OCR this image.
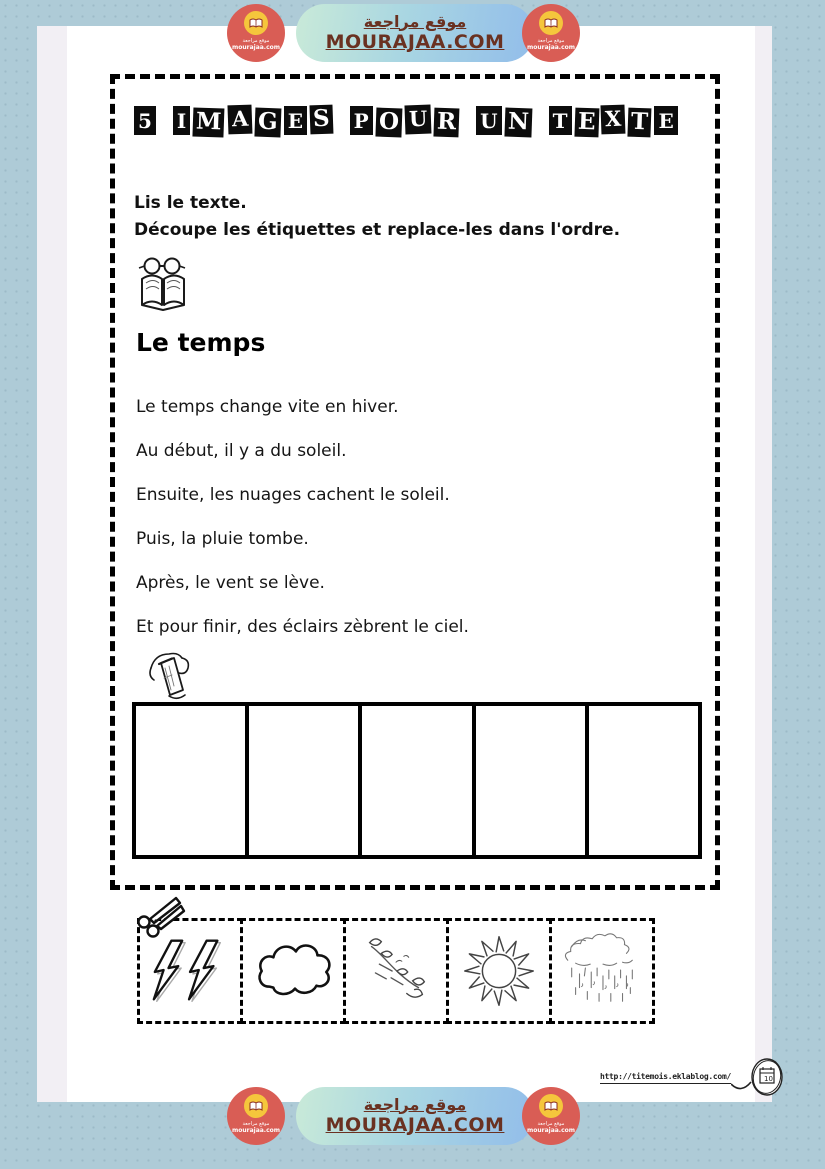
موقع مراجعة
mourajaa.com
موقع مراجعة
MOURAJAA.COM	موقع مراجعة
mourajaa.com
5 I M A G E S P O U R U N T E X T E
Lis le texte.
Découpe les étiquettes et replace-les dans l'ordre.
Le temps

Le temps change vite en hiver.

Au début, il y a du soleil.

Ensuite, les nuages cachent le soleil.

Puis, la pluie tombe.

Après, le vent se lève.

Et pour finir, des éclairs zèbrent le ciel.

http://titemois.eklablog.com/	10
موقع مراجعة
mourajaa.com
موقع مراجعة
MOURAJAA.COM	موقع مراجعة
mourajaa.com
